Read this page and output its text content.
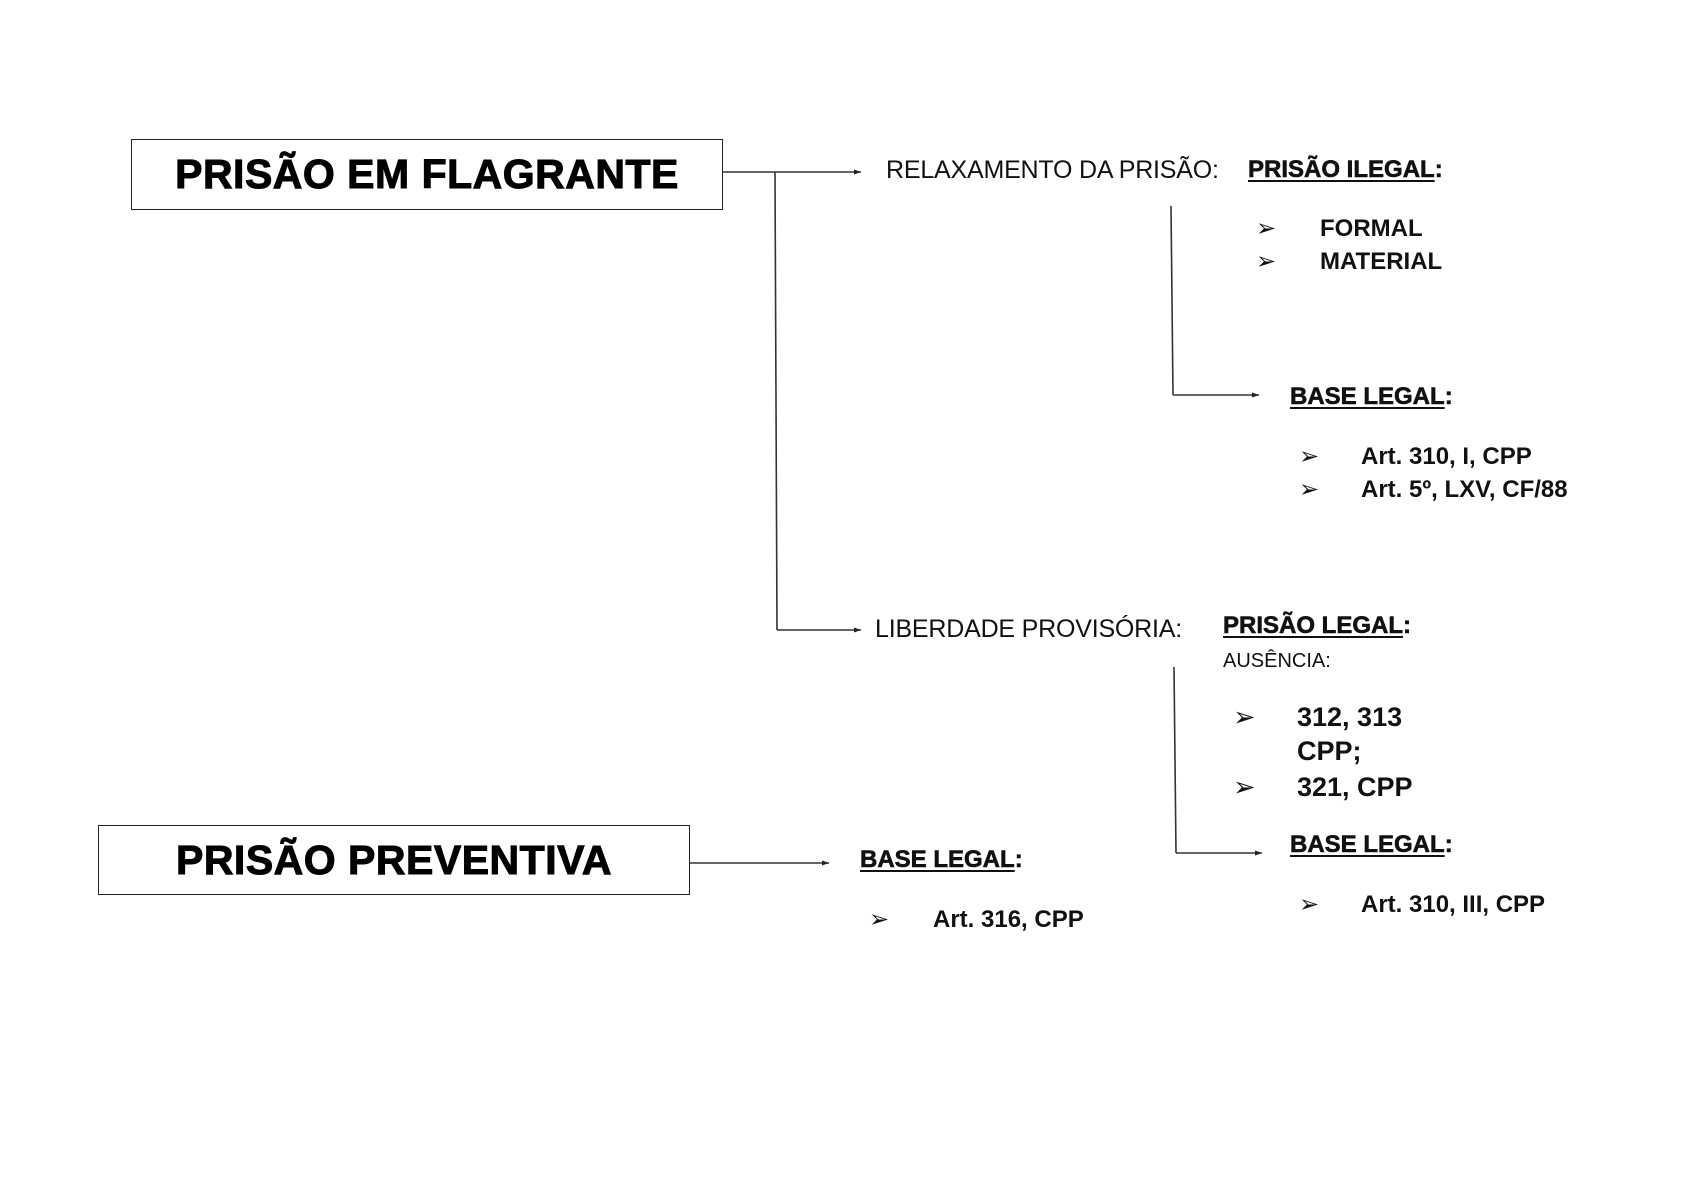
PRISÃO EM FLAGRANTE	RELAXAMENTO DA PRISÃO: PRISÃO ILEGAL:
➢	FORMAL
➢	MATERIAL
BASE LEGAL:
➢	Art. 310, I, CPP
➢	Art. 5º, LXV, CF/88
LIBERDADE PROVISÓRIA: PRISÃO LEGAL:
AUSÊNCIA:
➢	312, 313
CPP;
➢	321, CPP
BASE LEGAL:
➢	Art. 310, III, CPP
PRISÃO PREVENTIVA	BASE LEGAL:
➢	Art. 316, CPP
